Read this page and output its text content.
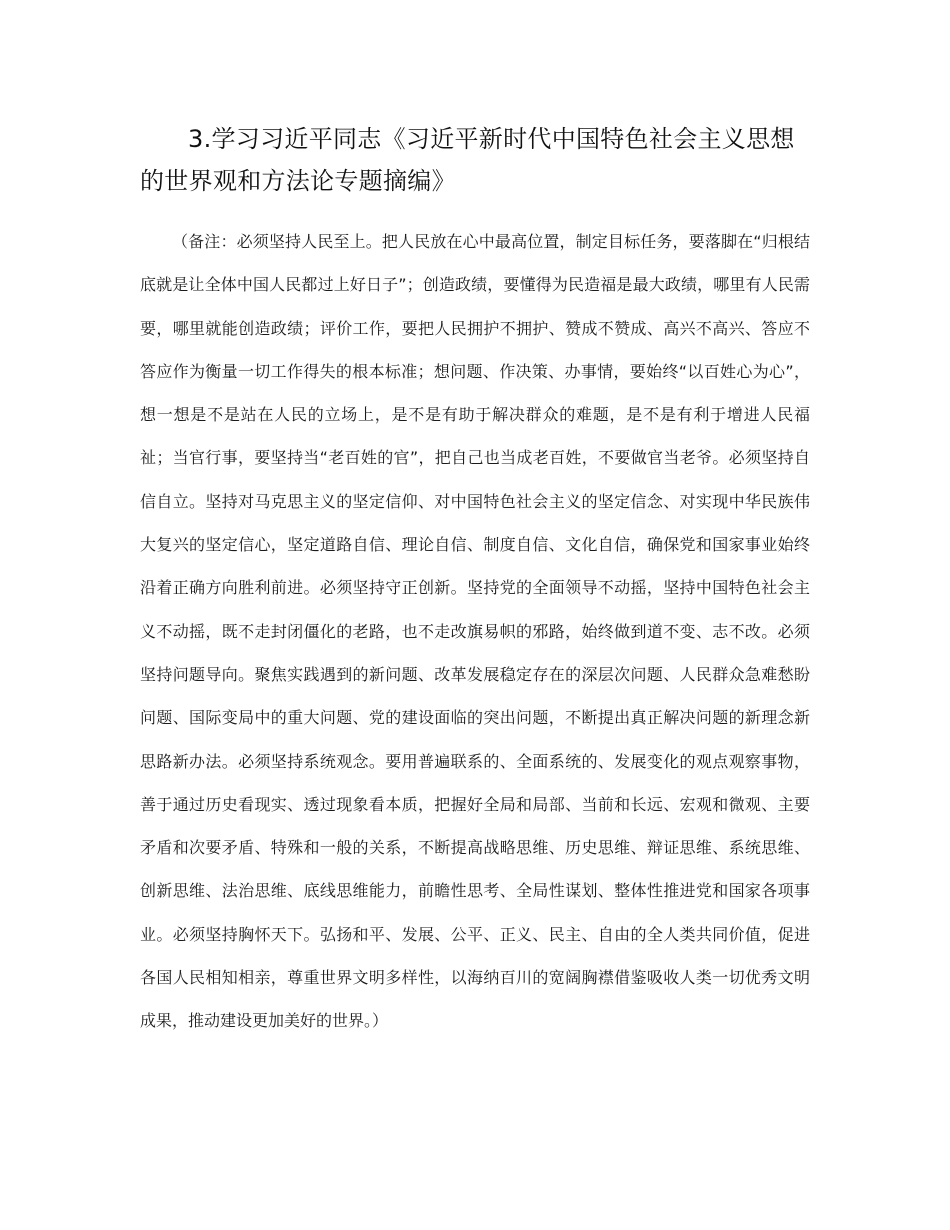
3.学习习近平同志《习近平新时代中国特色社会主义思想的世界观和方法论专题摘编》

（备注：必须坚持人民至上。把人民放在心中最高位置，制定目标任务，要落脚在“归根结底就是让全体中国人民都过上好日子”；创造政绩，要懂得为民造福是最大政绩，哪里有人民需要，哪里就能创造政绩；评价工作，要把人民拥护不拥护、赞成不赞成、高兴不高兴、答应不答应作为衡量一切工作得失的根本标准；想问题、作决策、办事情，要始终“以百姓心为心”，想一想是不是站在人民的立场上，是不是有助于解决群众的难题，是不是有利于增进人民福祉；当官行事，要坚持当“老百姓的官”，把自己也当成老百姓，不要做官当老爷。必须坚持自信自立。坚持对马克思主义的坚定信仰、对中国特色社会主义的坚定信念、对实现中华民族伟大复兴的坚定信心，坚定道路自信、理论自信、制度自信、文化自信，确保党和国家事业始终沿着正确方向胜利前进。必须坚持守正创新。坚持党的全面领导不动摇，坚持中国特色社会主义不动摇，既不走封闭僵化的老路，也不走改旗易帜的邪路，始终做到道不变、志不改。必须坚持问题导向。聚焦实践遇到的新问题、改革发展稳定存在的深层次问题、人民群众急难愁盼问题、国际变局中的重大问题、党的建设面临的突出问题，不断提出真正解决问题的新理念新思路新办法。必须坚持系统观念。要用普遍联系的、全面系统的、发展变化的观点观察事物，善于通过历史看现实、透过现象看本质，把握好全局和局部、当前和长远、宏观和微观、主要矛盾和次要矛盾、特殊和一般的关系，不断提高战略思维、历史思维、辩证思维、系统思维、创新思维、法治思维、底线思维能力，前瞻性思考、全局性谋划、整体性推进党和国家各项事业。必须坚持胸怀天下。弘扬和平、发展、公平、正义、民主、自由的全人类共同价值，促进各国人民相知相亲，尊重世界文明多样性，以海纳百川的宽阔胸襟借鉴吸收人类一切优秀文明成果，推动建设更加美好的世界。）
